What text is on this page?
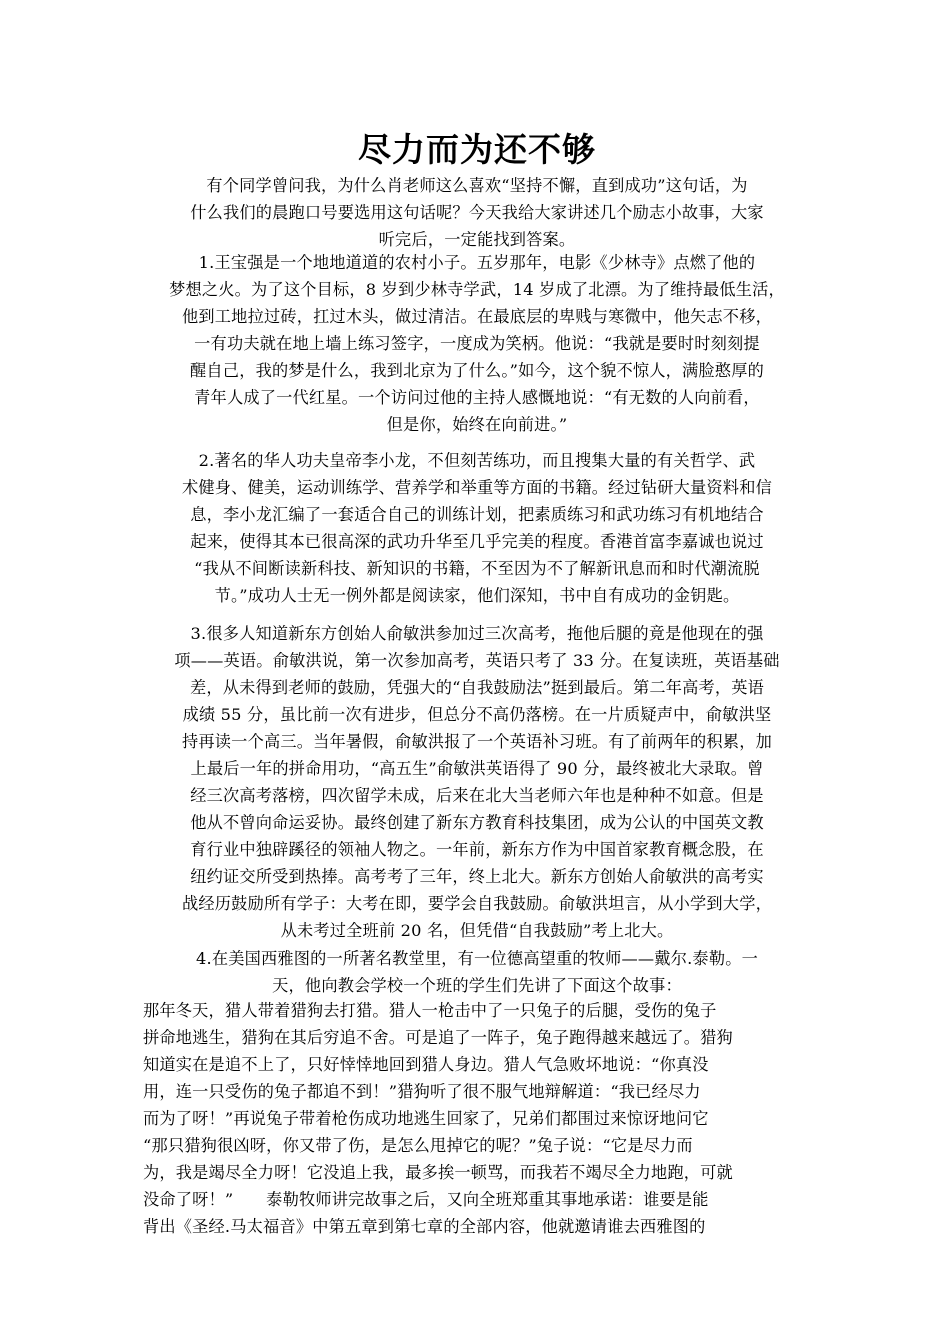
尽力而为还不够
有个同学曾问我，为什么肖老师这么喜欢“坚持不懈，直到成功”这句话，为
什么我们的晨跑口号要选用这句话呢？今天我给大家讲述几个励志小故事，大家
听完后，一定能找到答案。
1.王宝强是一个地地道道的农村小子。五岁那年，电影《少林寺》点燃了他的
梦想之火。为了这个目标，8 岁到少林寺学武，14 岁成了北漂。为了维持最低生活，
他到工地拉过砖，扛过木头，做过清洁。在最底层的卑贱与寒微中，他矢志不移，
一有功夫就在地上墙上练习签字，一度成为笑柄。他说：“我就是要时时刻刻提
醒自己，我的梦是什么，我到北京为了什么。”如今，这个貌不惊人，满脸憨厚的
青年人成了一代红星。一个访问过他的主持人感慨地说：“有无数的人向前看，
但是你，始终在向前进。”
2.著名的华人功夫皇帝李小龙，不但刻苦练功，而且搜集大量的有关哲学、武
术健身、健美，运动训练学、营养学和举重等方面的书籍。经过钻研大量资料和信
息，李小龙汇编了一套适合自己的训练计划，把素质练习和武功练习有机地结合
起来，使得其本已很高深的武功升华至几乎完美的程度。香港首富李嘉诚也说过
“我从不间断读新科技、新知识的书籍，不至因为不了解新讯息而和时代潮流脱
节。”成功人士无一例外都是阅读家，他们深知，书中自有成功的金钥匙。
3.很多人知道新东方创始人俞敏洪参加过三次高考，拖他后腿的竟是他现在的强
项——英语。俞敏洪说，第一次参加高考，英语只考了 33 分。在复读班，英语基础
差，从未得到老师的鼓励，凭强大的“自我鼓励法”挺到最后。第二年高考，英语
成绩 55 分，虽比前一次有进步，但总分不高仍落榜。在一片质疑声中，俞敏洪坚
持再读一个高三。当年暑假，俞敏洪报了一个英语补习班。有了前两年的积累，加
上最后一年的拼命用功，“高五生”俞敏洪英语得了 90 分，最终被北大录取。曾
经三次高考落榜，四次留学未成，后来在北大当老师六年也是种种不如意。但是
他从不曾向命运妥协。最终创建了新东方教育科技集团，成为公认的中国英文教
育行业中独辟蹊径的领袖人物之。一年前，新东方作为中国首家教育概念股，在
纽约证交所受到热捧。高考考了三年，终上北大。新东方创始人俞敏洪的高考实
战经历鼓励所有学子：大考在即，要学会自我鼓励。俞敏洪坦言，从小学到大学，
从未考过全班前 20 名，但凭借“自我鼓励”考上北大。
4.在美国西雅图的一所著名教堂里，有一位德高望重的牧师——戴尔.泰勒。一
天，他向教会学校一个班的学生们先讲了下面这个故事：
那年冬天，猎人带着猎狗去打猎。猎人一枪击中了一只兔子的后腿，受伤的兔子
拼命地逃生，猎狗在其后穷追不舍。可是追了一阵子，兔子跑得越来越远了。猎狗
知道实在是追不上了，只好悻悻地回到猎人身边。猎人气急败坏地说：“你真没
用，连一只受伤的兔子都追不到！”猎狗听了很不服气地辩解道：“我已经尽力
而为了呀！”再说兔子带着枪伤成功地逃生回家了，兄弟们都围过来惊讶地问它
“那只猎狗很凶呀，你又带了伤，是怎么甩掉它的呢？”兔子说：“它是尽力而
为，我是竭尽全力呀！它没追上我，最多挨一顿骂，而我若不竭尽全力地跑，可就
没命了呀！”　　泰勒牧师讲完故事之后，又向全班郑重其事地承诺：谁要是能
背出《圣经.马太福音》中第五章到第七章的全部内容，他就邀请谁去西雅图的
